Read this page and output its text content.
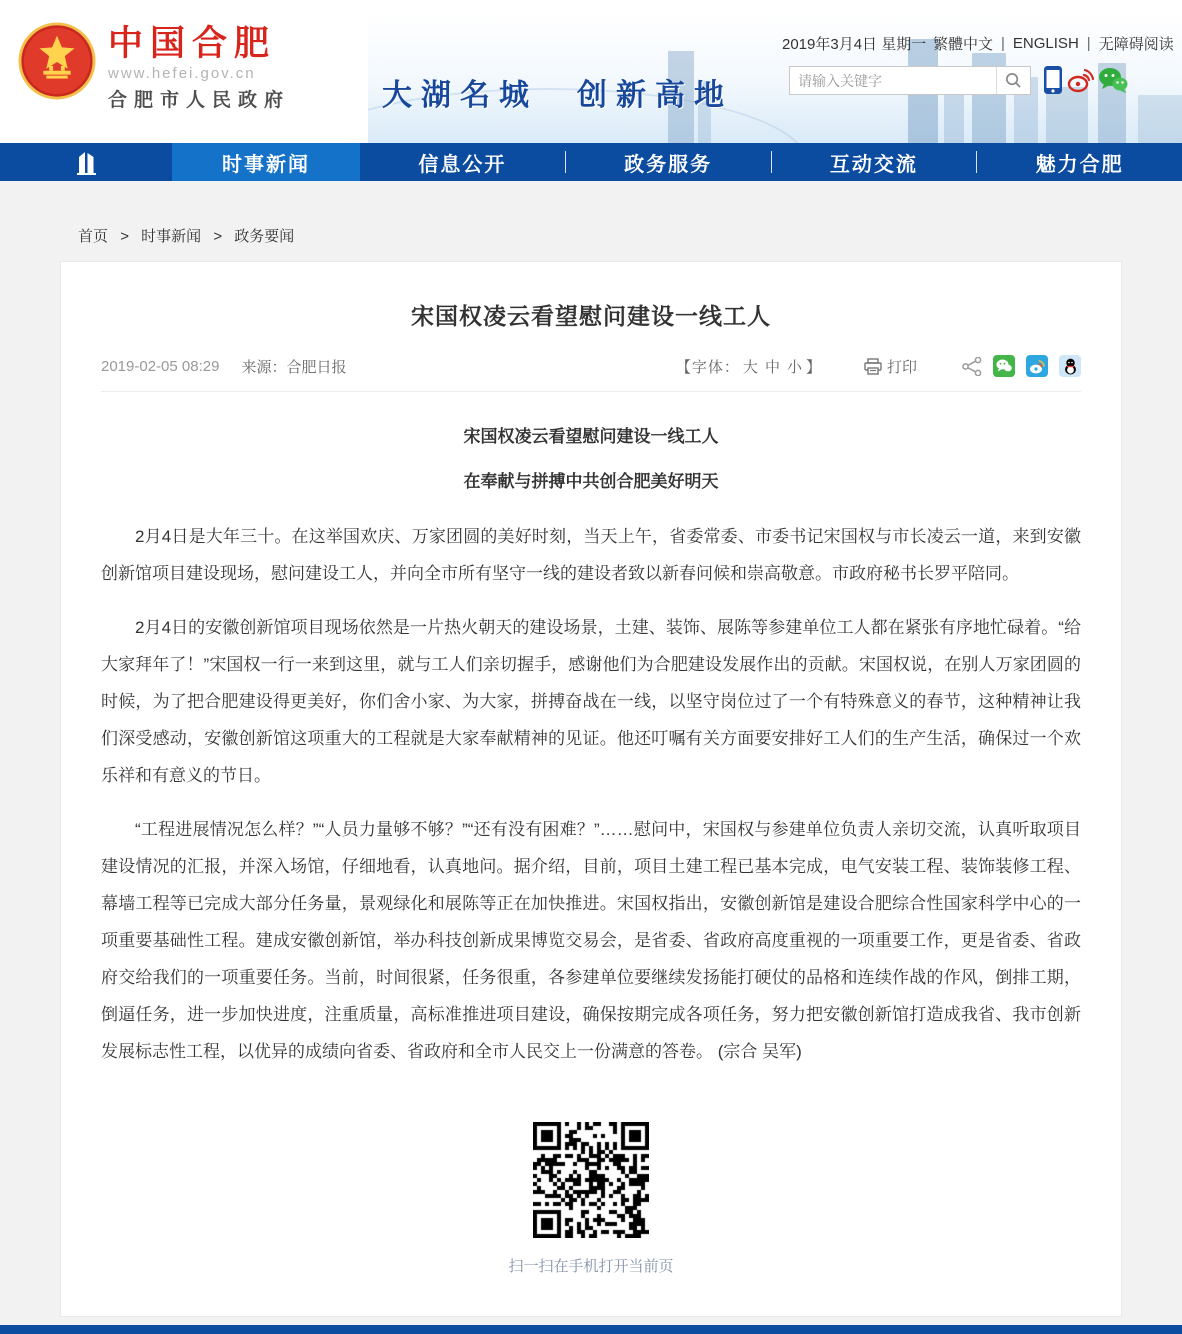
中国合肥
www.hefei.gov.cn
合肥市人民政府	大湖名城　创新高地
2019年3月4日 星期一 繁體中文 | ENGLISH | 无障碍阅读
请输入关键字
时事新闻	信息公开	政务服务	互动交流	魅力合肥
首页 > 时事新闻 > 政务要闻
宋国权凌云看望慰问建设一线工人
2019-02-05 08:29 来源：合肥日报	【字体： 大 中 小 】	打印
宋国权凌云看望慰问建设一线工人
在奉献与拼搏中共创合肥美好明天

2月4日是大年三十。在这举国欢庆、万家团圆的美好时刻，当天上午，省委常委、市委书记宋国权与市长凌云一道，来到安徽创新馆项目建设现场，慰问建设工人，并向全市所有坚守一线的建设者致以新春问候和崇高敬意。市政府秘书长罗平陪同。

2月4日的安徽创新馆项目现场依然是一片热火朝天的建设场景，土建、装饰、展陈等参建单位工人都在紧张有序地忙碌着。“给大家拜年了！”宋国权一行一来到这里，就与工人们亲切握手，感谢他们为合肥建设发展作出的贡献。宋国权说，在别人万家团圆的时候，为了把合肥建设得更美好，你们舍小家、为大家，拼搏奋战在一线，以坚守岗位过了一个有特殊意义的春节，这种精神让我们深受感动，安徽创新馆这项重大的工程就是大家奉献精神的见证。他还叮嘱有关方面要安排好工人们的生产生活，确保过一个欢乐祥和有意义的节日。

“工程进展情况怎么样？”“人员力量够不够？”“还有没有困难？”……慰问中，宋国权与参建单位负责人亲切交流，认真听取项目建设情况的汇报，并深入场馆，仔细地看，认真地问。据介绍，目前，项目土建工程已基本完成，电气安装工程、装饰装修工程、幕墙工程等已完成大部分任务量，景观绿化和展陈等正在加快推进。宋国权指出，安徽创新馆是建设合肥综合性国家科学中心的一项重要基础性工程。建成安徽创新馆，举办科技创新成果博览交易会，是省委、省政府高度重视的一项重要工作，更是省委、省政府交给我们的一项重要任务。当前，时间很紧，任务很重，各参建单位要继续发扬能打硬仗的品格和连续作战的作风，倒排工期，倒逼任务，进一步加快进度，注重质量，高标准推进项目建设，确保按期完成各项任务，努力把安徽创新馆打造成我省、我市创新发展标志性工程，以优异的成绩向省委、省政府和全市人民交上一份满意的答卷。 (宗合 吴军)

扫一扫在手机打开当前页
